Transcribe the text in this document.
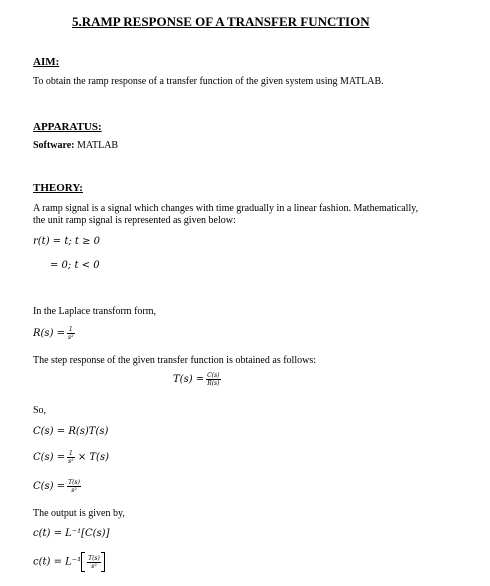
5.RAMP RESPONSE OF A TRANSFER FUNCTION
AIM:
To obtain the ramp response of a transfer function of the given system using MATLAB.
APPARATUS:
Software: MATLAB
THEORY:
A ramp signal is a signal which changes with time gradually in a linear fashion. Mathematically,
the unit ramp signal is represented as given below:
r(t) = t; t ≥ 0
= 0; t < 0
In the Laplace transform form,
$R(s) = \frac{1}{\text{s²}}$
The step response of the given transfer function is obtained as follows:
$T(s) = \frac{C(s)}{R(s)}$
So,
C(s) = R(s)T(s)
$C(s) = \frac{1}{\text{s²}} \times T(s)$
$C(s) = \frac{T(s)}{\text{s²}}$
The output is given by,
c(t) = L⁻¹[C(s)]
$c(t) = L^{-1} \frac{T(s)}{\text{s²}}$
